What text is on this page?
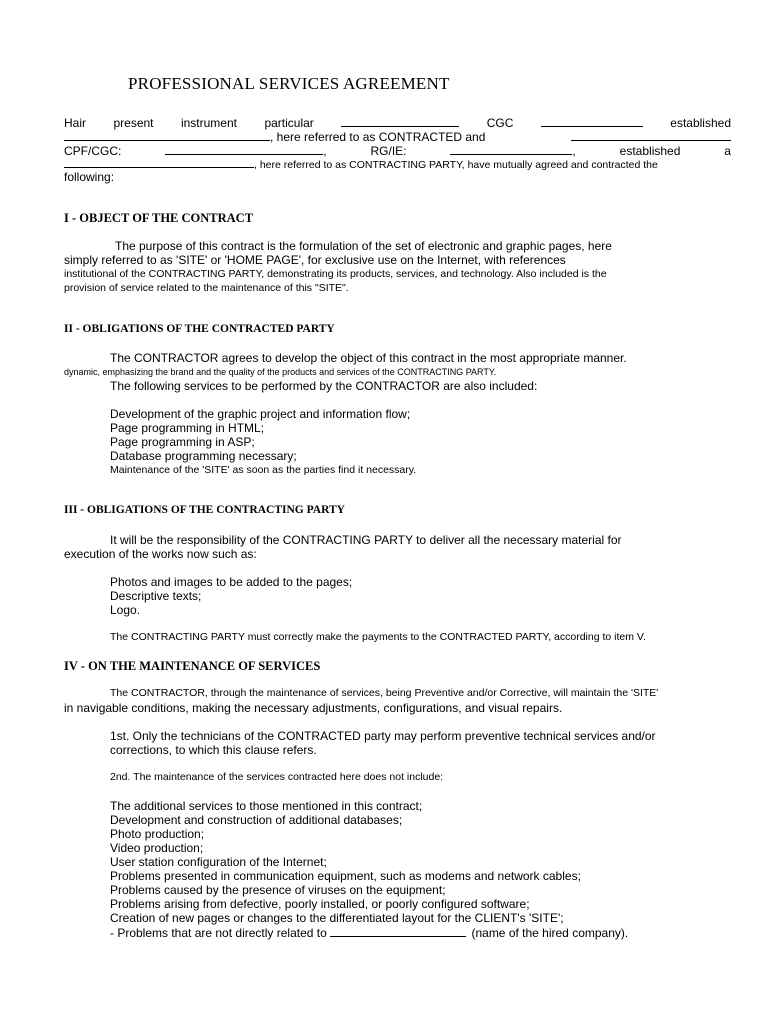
PROFESSIONAL SERVICES AGREEMENT
Hair present instrument particular	CGC	established
, here referred to as CONTRACTED and
CPF/CGC:	,	RG/IE:	,	established	a
, here referred to as CONTRACTING PARTY, have mutually agreed and contracted the
following:
I - OBJECT OF THE CONTRACT
The purpose of this contract is the formulation of the set of electronic and graphic pages, here
simply referred to as 'SITE' or 'HOME PAGE', for exclusive use on the Internet, with references
institutional of the CONTRACTING PARTY, demonstrating its products, services, and technology. Also included is the
provision of service related to the maintenance of this "SITE".
II - OBLIGATIONS OF THE CONTRACTED PARTY
The CONTRACTOR agrees to develop the object of this contract in the most appropriate manner.
dynamic, emphasizing the brand and the quality of the products and services of the CONTRACTING PARTY.
The following services to be performed by the CONTRACTOR are also included:
Development of the graphic project and information flow;
Page programming in HTML;
Page programming in ASP;
Database programming necessary;
Maintenance of the 'SITE' as soon as the parties find it necessary.
III - OBLIGATIONS OF THE CONTRACTING PARTY
It will be the responsibility of the CONTRACTING PARTY to deliver all the necessary material for
execution of the works now such as:
Photos and images to be added to the pages;
Descriptive texts;
Logo.
The CONTRACTING PARTY must correctly make the payments to the CONTRACTED PARTY, according to item V.
IV - ON THE MAINTENANCE OF SERVICES
The CONTRACTOR, through the maintenance of services, being Preventive and/or Corrective, will maintain the 'SITE'
in navigable conditions, making the necessary adjustments, configurations, and visual repairs.
1st. Only the technicians of the CONTRACTED party may perform preventive technical services and/or
corrections, to which this clause refers.
2nd. The maintenance of the services contracted here does not include:
The additional services to those mentioned in this contract;
Development and construction of additional databases;
Photo production;
Video production;
User station configuration of the Internet;
Problems presented in communication equipment, such as modems and network cables;
Problems caused by the presence of viruses on the equipment;
Problems arising from defective, poorly installed, or poorly configured software;
Creation of new pages or changes to the differentiated layout for the CLIENT's 'SITE';
- Problems that are not directly related to	(name of the hired company).
